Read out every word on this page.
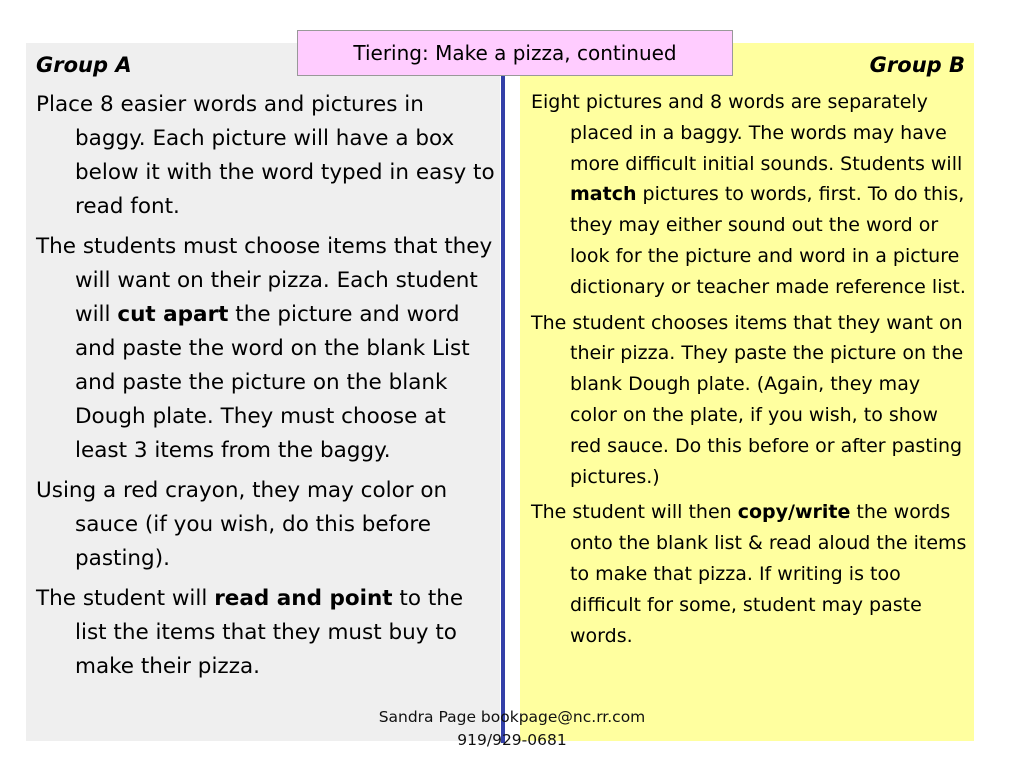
Group A	Group B

Place 8 easier words and pictures in baggy. Each picture will have a box below it with the word typed in easy to read font.

The students must choose items that they will want on their pizza. Each student will cut apart the picture and word and paste the word on the blank List and paste the picture on the blank Dough plate. They must choose at least 3 items from the baggy.

Using a red crayon, they may color on sauce (if you wish, do this before pasting).

The student will read and point to the list the items that they must buy to make their pizza.

Eight pictures and 8 words are separately placed in a baggy. The words may have more difficult initial sounds. Students will match pictures to words, first. To do this, they may either sound out the word or look for the picture and word in a picture dictionary or teacher made reference list.

The student chooses items that they want on their pizza. They paste the picture on the blank Dough plate. (Again, they may color on the plate, if you wish, to show red sauce. Do this before or after pasting pictures.)

The student will then copy/write the words onto the blank list & read aloud the items to make that pizza. If writing is too difficult for some, student may paste words.

Tiering: Make a pizza, continued
Sandra Page bookpage@nc.rr.com
919/929-0681
